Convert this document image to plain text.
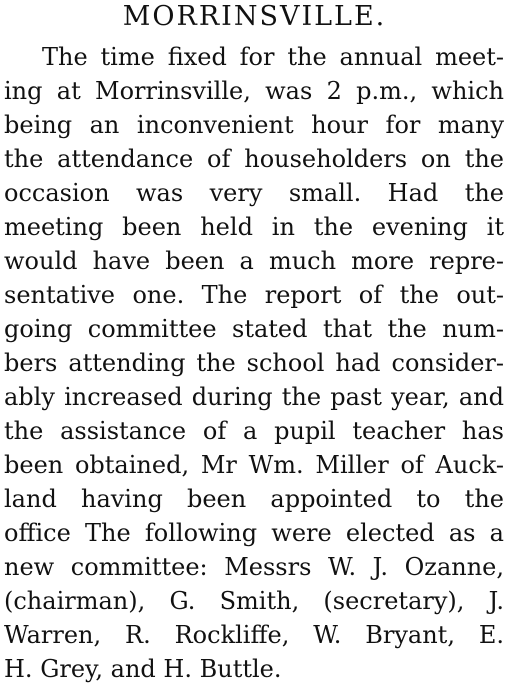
MORRINSVILLE.
The time fixed for the annual meet-
ing at Morrinsville, was 2 p.m., which
being an inconvenient hour for many
the attendance of householders on the
occasion was very small. Had the
meeting been held in the evening it
would have been a much more repre-
sentative one. The report of the out-
going committee stated that the num-
bers attending the school had consider-
ably increased during the past year, and
the assistance of a pupil teacher has
been obtained, Mr Wm. Miller of Auck-
land having been appointed to the
office The following were elected as a
new committee: Messrs W. J. Ozanne,
(chairman), G. Smith, (secretary), J.
Warren, R. Rockliffe, W. Bryant, E.
H. Grey, and H. Buttle.
